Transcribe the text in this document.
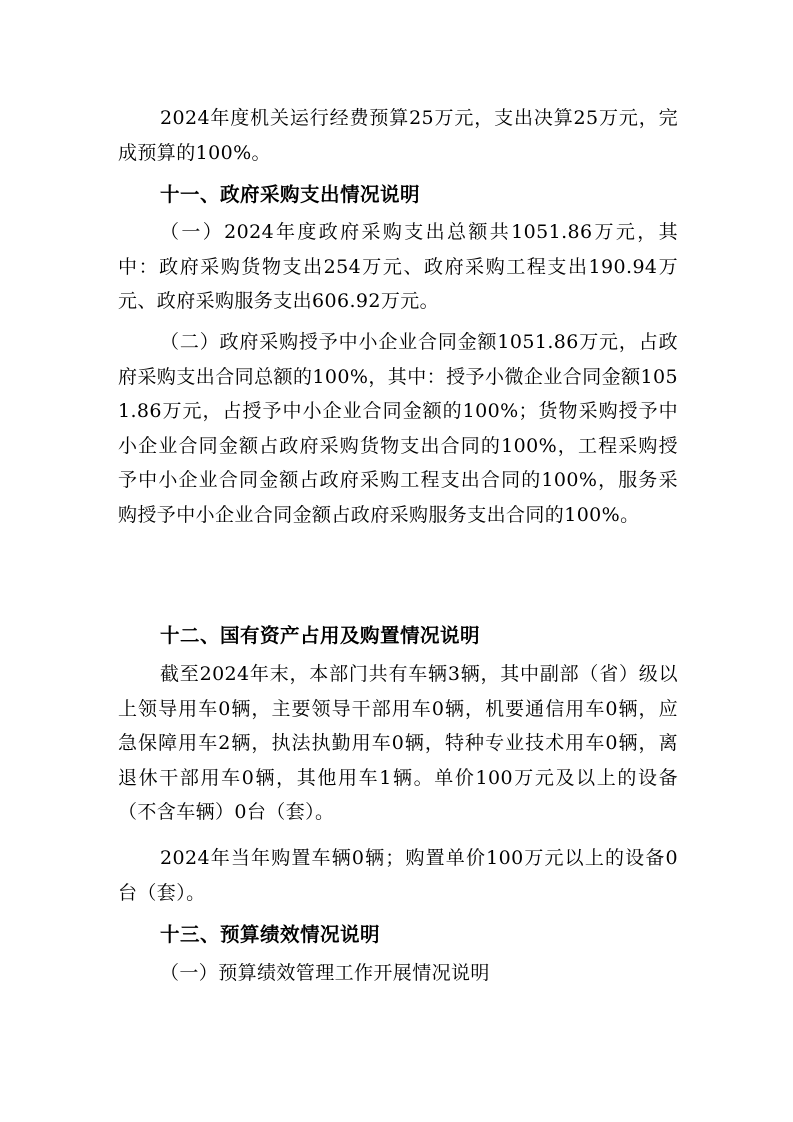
2024年度机关运行经费预算25万元，支出决算25万元，完成预算的100%。

十一、政府采购支出情况说明

（一）2024年度政府采购支出总额共1051.86万元，其中：政府采购货物支出254万元、政府采购工程支出190.94万元、政府采购服务支出606.92万元。

（二）政府采购授予中小企业合同金额1051.86万元，占政府采购支出合同总额的100%，其中：授予小微企业合同金额1051.86万元，占授予中小企业合同金额的100%；货物采购授予中小企业合同金额占政府采购货物支出合同的100%，工程采购授予中小企业合同金额占政府采购工程支出合同的100%，服务采购授予中小企业合同金额占政府采购服务支出合同的100%。

十二、国有资产占用及购置情况说明

截至2024年末，本部门共有车辆3辆，其中副部（省）级以上领导用车0辆，主要领导干部用车0辆，机要通信用车0辆，应急保障用车2辆，执法执勤用车0辆，特种专业技术用车0辆，离退休干部用车0辆，其他用车1辆。单价100万元及以上的设备（不含车辆）0台（套）。

2024年当年购置车辆0辆；购置单价100万元以上的设备0台（套）。

十三、预算绩效情况说明

（一）预算绩效管理工作开展情况说明
